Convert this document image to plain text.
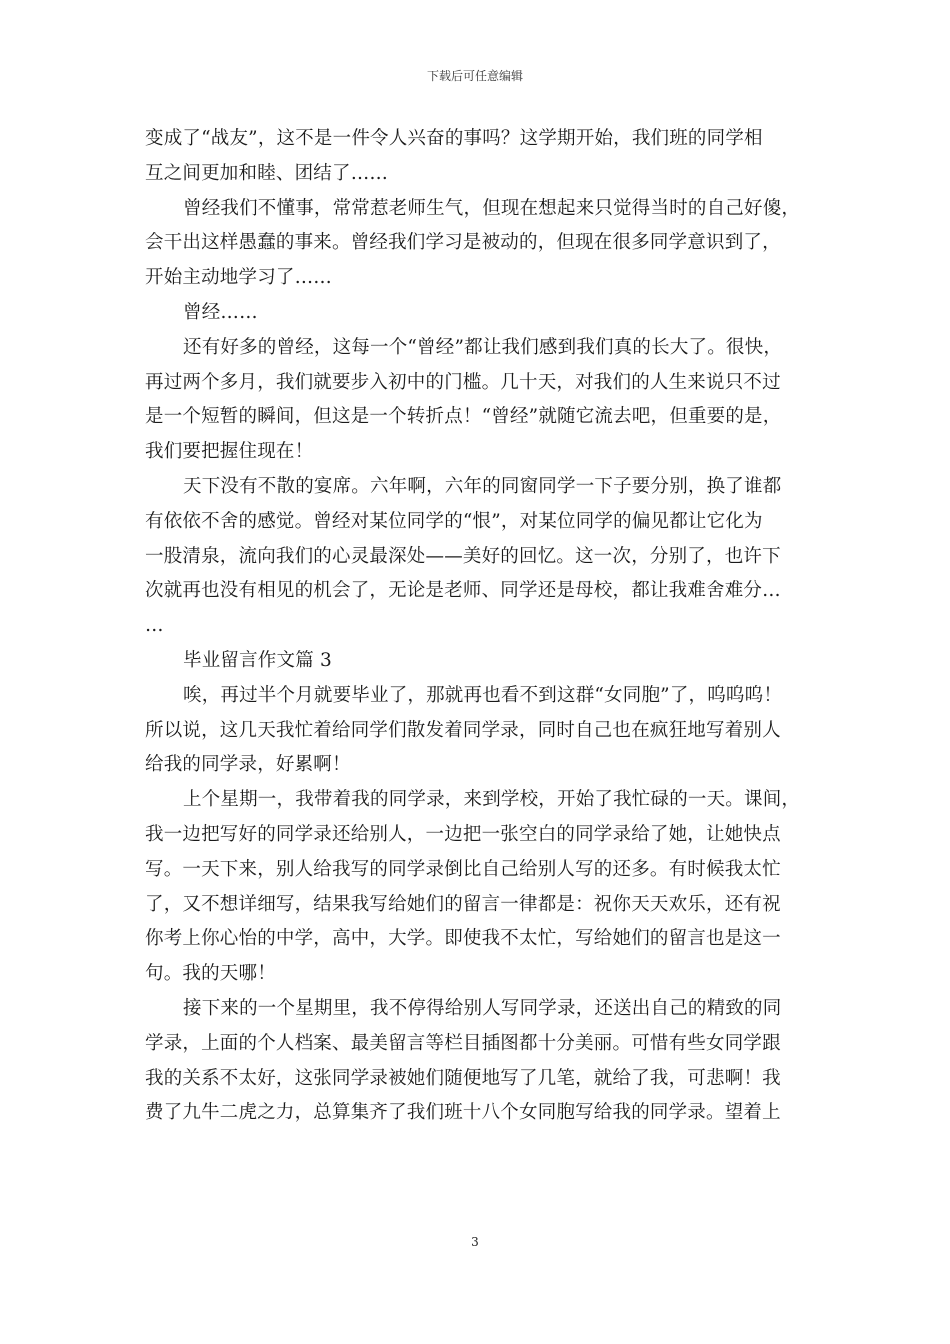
下载后可任意编辑
变成了“战友”，这不是一件令人兴奋的事吗？这学期开始，我们班的同学相
互之间更加和睦、团结了……
曾经我们不懂事，常常惹老师生气，但现在想起来只觉得当时的自己好傻，
会干出这样愚蠢的事来。曾经我们学习是被动的，但现在很多同学意识到了，
开始主动地学习了……
曾经……
还有好多的曾经，这每一个“曾经”都让我们感到我们真的长大了。很快，
再过两个多月，我们就要步入初中的门槛。几十天，对我们的人生来说只不过
是一个短暂的瞬间，但这是一个转折点！“曾经”就随它流去吧，但重要的是，
我们要把握住现在！
天下没有不散的宴席。六年啊，六年的同窗同学一下子要分别，换了谁都
有依依不舍的感觉。曾经对某位同学的“恨”，对某位同学的偏见都让它化为
一股清泉，流向我们的心灵最深处——美好的回忆。这一次，分别了，也许下
次就再也没有相见的机会了，无论是老师、同学还是母校，都让我难舍难分…
…
毕业留言作文篇 3
唉，再过半个月就要毕业了，那就再也看不到这群“女同胞”了，呜呜呜！
所以说，这几天我忙着给同学们散发着同学录，同时自己也在疯狂地写着别人
给我的同学录，好累啊！
上个星期一，我带着我的同学录，来到学校，开始了我忙碌的一天。课间，
我一边把写好的同学录还给别人，一边把一张空白的同学录给了她，让她快点
写。一天下来，别人给我写的同学录倒比自己给别人写的还多。有时候我太忙
了，又不想详细写，结果我写给她们的留言一律都是：祝你天天欢乐，还有祝
你考上你心怡的中学，高中，大学。即使我不太忙，写给她们的留言也是这一
句。我的天哪！
接下来的一个星期里，我不停得给别人写同学录，还送出自己的精致的同
学录，上面的个人档案、最美留言等栏目插图都十分美丽。可惜有些女同学跟
我的关系不太好，这张同学录被她们随便地写了几笔，就给了我，可悲啊！我
费了九牛二虎之力，总算集齐了我们班十八个女同胞写给我的同学录。望着上
3
